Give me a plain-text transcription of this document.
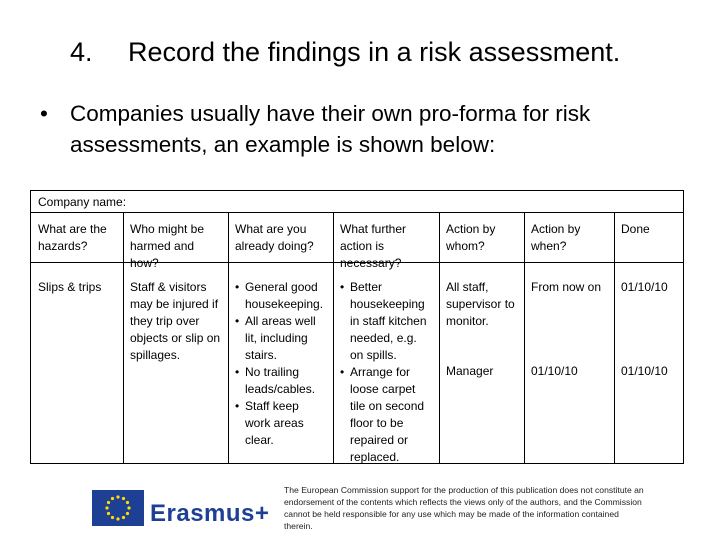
4. Record the findings in a risk assessment.
• Companies usually have their own pro-forma for risk assessments, an example is shown below:
Company name:
What are the hazards?
Who might be harmed and how?
What are you already doing?
What further action is necessary?
Action by whom?
Action by when?
Done
Slips & trips	Staff & visitors may be injured if they trip over objects or slip on spillages.
• General good housekeeping.
• All areas well lit, including stairs.
• No trailing leads/cables.
• Staff keep work areas clear.
• Better housekeeping in staff kitchen needed, e.g. on spills.
• Arrange for loose carpet tile on second floor to be repaired or replaced.
All staff, supervisor to monitor.
Manager
From now on
01/10/10
01/10/10
01/10/10
Erasmus+
The European Commission support for the production of this publication does not constitute an endorsement of the contents which reflects the views only of the authors, and the Commission cannot be held responsible for any use which may be made of the information contained therein.
